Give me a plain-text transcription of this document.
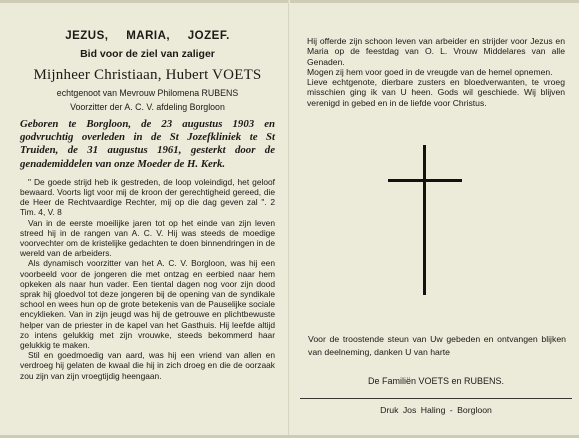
JEZUS, MARIA, JOZEF.
Bid voor de ziel van zaliger
Mijnheer Christiaan, Hubert VOETS
echtgenoot van Mevrouw Philomena RUBENS
Voorzitter der A. C. V. afdeling Borgloon
Geboren te Borgloon, de 23 augustus 1903 en godvruchtig overleden in de St Jozefkliniek te St Truiden, de 31 augustus 1961, gesterkt door de genademiddelen van onze Moeder de H. Kerk.

" De goede strijd heb ik gestreden, de loop voleindigd, het geloof bewaard. Voorts ligt voor mij de kroon der gerechtigheid gereed, die de Heer de Rechtvaardige Rechter, mij op die dag geven zal ". 2 Tim. 4, V. 8

Van in de eerste moeilijke jaren tot op het einde van zijn leven streed hij in de rangen van A. C. V. Hij was steeds de moedige voorvechter om de kristelijke gedachten te doen binnendringen in de wereld van de arbeiders.

Als dynamisch voorzitter van het A. C. V. Borgloon, was hij een voorbeeld voor de jongeren die met ontzag en eerbied naar hem opkeken als naar hun vader. Een tiental dagen nog voor zijn dood sprak hij gloedvol tot deze jongeren bij de opening van de syndikale school en wees hun op de grote betekenis van de Pauselijke sociale encyklieken. Van in zijn jeugd was hij de getrouwe en plichtbewuste helper van de priester in de kapel van het Gasthuis. Hij leefde altijd zo intens gelukkig met zijn vrouwke, steeds bekommerd haar gelukkig te maken.

Stil en goedmoedig van aard, was hij een vriend van allen en verdroeg hij gelaten de kwaal die hij in zich droeg en die de oorzaak zou zijn van zijn vroegtijdig heengaan.

Hij offerde zijn schoon leven van arbeider en strijder voor Jezus en Maria op de feestdag van O. L. Vrouw Middelares van alle Genaden.

Mogen zij hem voor goed in de vreugde van de hemel opnemen.

Lieve echtgenote, dierbare zusters en bloedverwanten, te vroeg misschien ging ik van U heen. Gods wil geschiede. Wij blijven verenigd in gebed en in de liefde voor Christus.

Voor de troostende steun van Uw gebeden en ontvangen blijken van deelneming, danken U van harte

De Familiën VOETS en RUBENS.
Druk Jos Haling - Borgloon
